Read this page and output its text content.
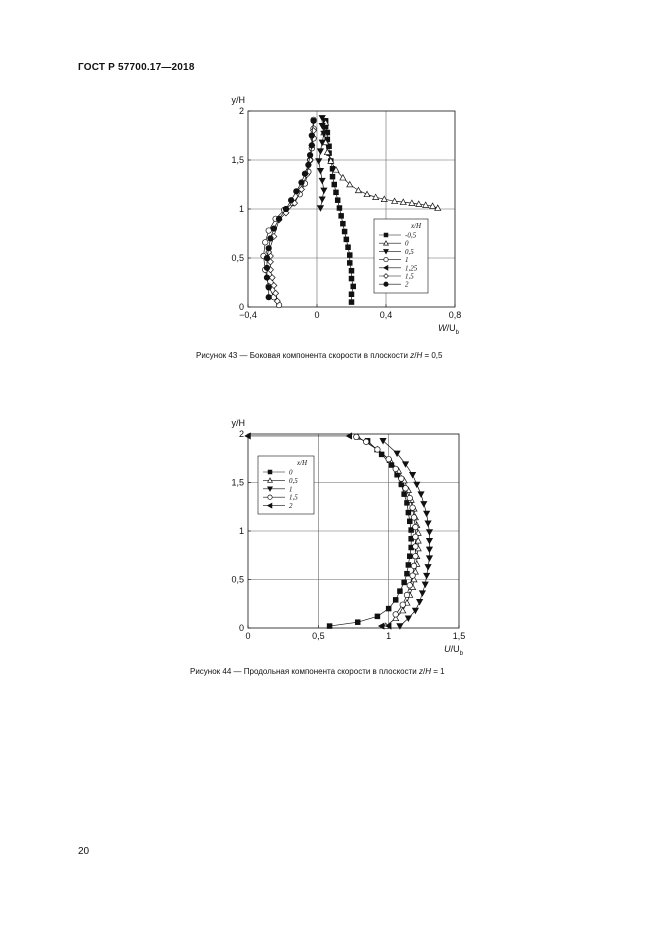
ГОСТ Р 57700.17—2018
−0,4	0	0,4	0,8
0
0,5
1
1,5
2
y/H
$W/U_b$
x/H
-0,5
0
0,5
1
1,25
1,5
2
Рисунок 43 — Боковая компонента скорости в плоскости z/H = 0,5
0	0,5	1	1,5
0
0,5
1
1,5
2
y/H
$U/U_b$
x/H
0
0,5
1
1,5
2
Рисунок 44 — Продольная компонента скорости в плоскости z/H = 1
20
